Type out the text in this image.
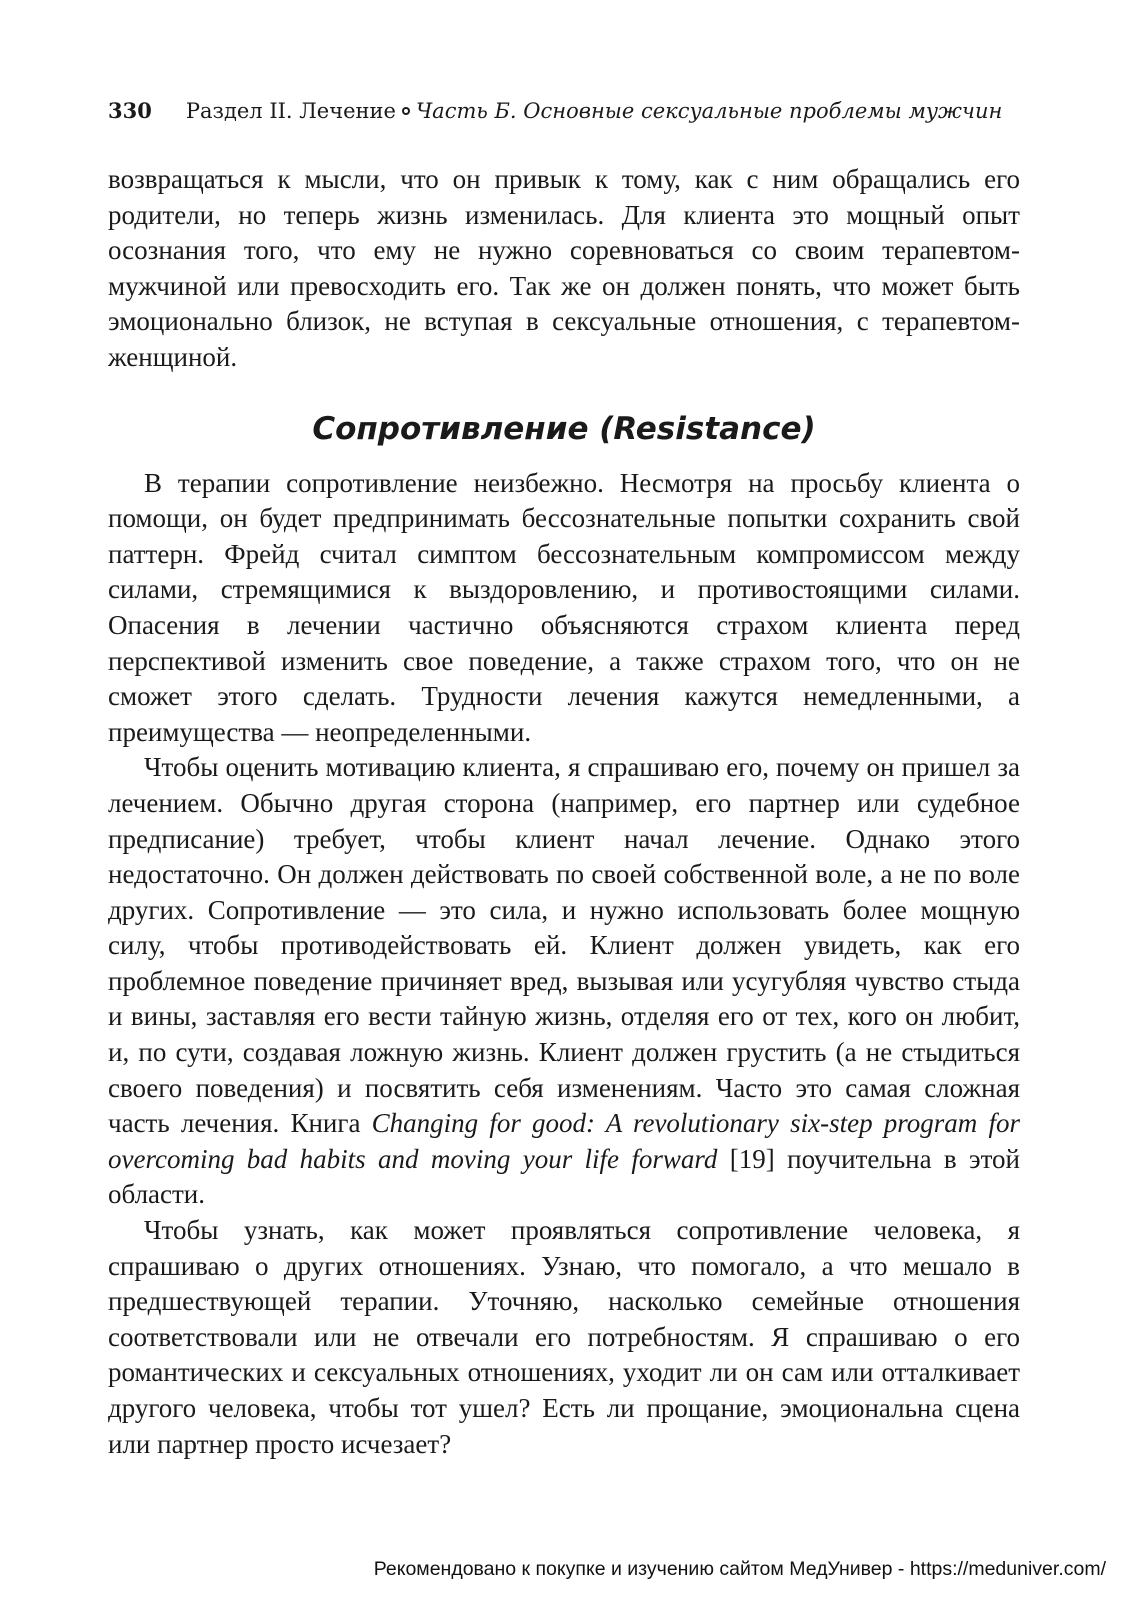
330 Раздел II. Лечение Часть Б. Основные сексуальные проблемы мужчин

возвращаться к мысли, что он привык к тому, как с ним обращались его родители, но теперь жизнь изменилась. Для клиента это мощный опыт осознания того, что ему не нужно соревноваться со своим терапевтом-мужчиной или превосходить его. Так же он должен понять, что может быть эмоционально близок, не вступая в сексуальные отношения, с терапевтом-женщиной.

Сопротивление (Resistance)

В терапии сопротивление неизбежно. Несмотря на просьбу клиента о помощи, он будет предпринимать бессознательные попытки сохранить свой паттерн. Фрейд считал симптом бессознательным компромиссом между силами, стремящимися к выздоровлению, и противостоящими силами. Опасения в лечении частично объясняются страхом клиента перед перспективой изменить свое поведение, а также страхом того, что он не сможет этого сделать. Трудности лечения кажутся немедленными, а преимущества — неопределенными.

Чтобы оценить мотивацию клиента, я спрашиваю его, почему он пришел за лечением. Обычно другая сторона (например, его партнер или судебное предписание) требует, чтобы клиент начал лечение. Однако этого недостаточно. Он должен действовать по своей собственной воле, а не по воле других. Сопротивление — это сила, и нужно использовать более мощную силу, чтобы противодействовать ей. Клиент должен увидеть, как его проблемное поведение причиняет вред, вызывая или усугубляя чувство стыда и вины, заставляя его вести тайную жизнь, отделяя его от тех, кого он любит, и, по сути, создавая ложную жизнь. Клиент должен грустить (а не стыдиться своего поведения) и посвятить себя изменениям. Часто это самая сложная часть лечения. Книга Changing for good: A revolutionary six-step program for overcoming bad habits and moving your life forward [19] поучительна в этой области.

Чтобы узнать, как может проявляться сопротивление человека, я спрашиваю о других отношениях. Узнаю, что помогало, а что мешало в предшествующей терапии. Уточняю, насколько семейные отношения соответствовали или не отвечали его потребностям. Я спрашиваю о его романтических и сексуальных отношениях, уходит ли он сам или отталкивает другого человека, чтобы тот ушел? Есть ли прощание, эмоциональна сцена или партнер просто исчезает?

Рекомендовано к покупке и изучению сайтом МедУнивер - https://meduniver.com/
